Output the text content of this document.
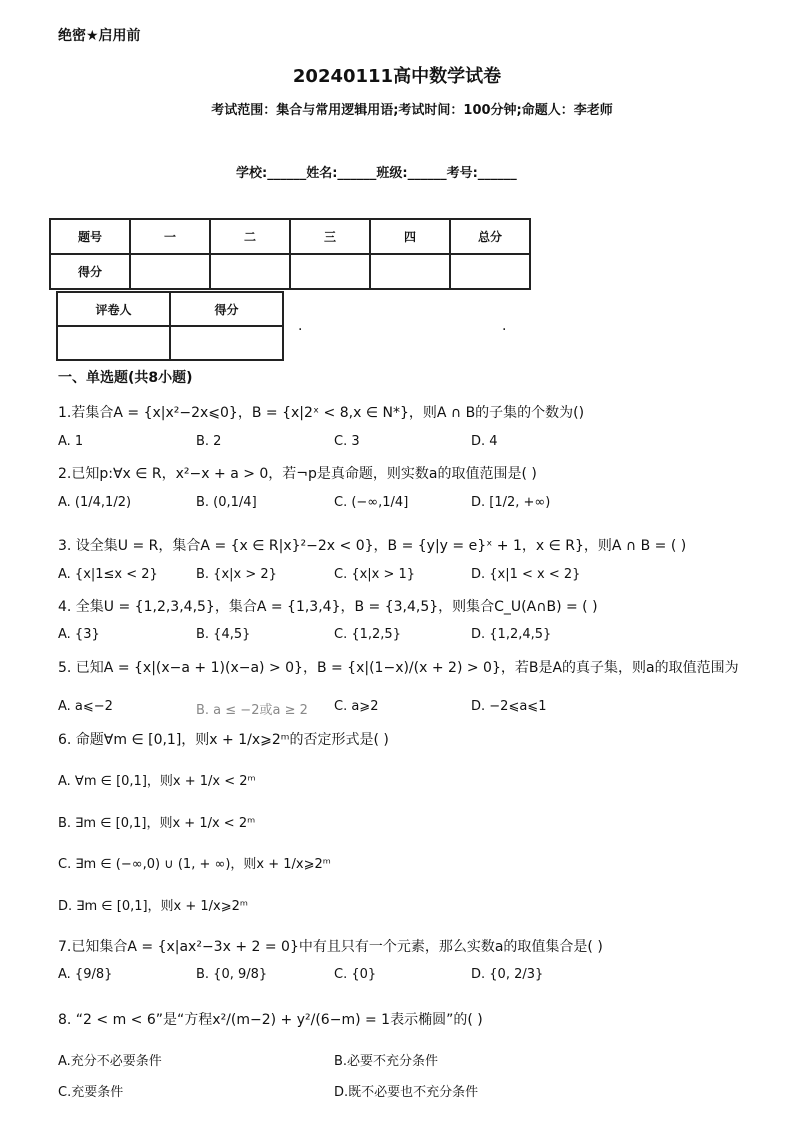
绝密★启用前
20240111高中数学试卷
考试范围：集合与常用逻辑用语;考试时间：100分钟;命题人：李老师
学校:______姓名:______班级:______考号:______
题号	一	二	三	四	总分
得分					
评卷人	得分

.	.
一、单选题(共8小题)
1.若集合A = {x|x²−2x⩽0}，B = {x|2ˣ < 8,x ∈ N*}，则A ∩ B的子集的个数为()
A. 1	B. 2	C. 3	D. 4
2.已知p:∀x ∈ R，x²−x + a > 0，若¬p是真命题，则实数a的取值范围是( )
A. (1/4,1/2)	B. (0,1/4]	C. (−∞,1/4]	D. [1/2, +∞)
3. 设全集U = R，集合A = {x ∈ R|x}²−2x < 0}，B = {y|y = e}ˣ + 1，x ∈ R}，则A ∩ B = ( )
A. {x|1≤x < 2}	B. {x|x > 2}	C. {x|x > 1}	D. {x|1 < x < 2}
4. 全集U = {1,2,3,4,5}，集合A = {1,3,4}，B = {3,4,5}，则集合C_U(A∩B) = ( )
A. {3}	B. {4,5}	C. {1,2,5}	D. {1,2,4,5}
5. 已知A = {x|(x−a + 1)(x−a) > 0}，B = {x|(1−x)/(x + 2) > 0}，若B是A的真子集，则a的取值范围为
A. a⩽−2	B. a ≤ −2或a ≥ 2 C. a⩾2	D. −2⩽a⩽1
6. 命题∀m ∈ [0,1]，则x + 1/x⩾2ᵐ的否定形式是( )
A. ∀m ∈ [0,1]，则x + 1/x < 2ᵐ
B. ∃m ∈ [0,1]，则x + 1/x < 2ᵐ
C. ∃m ∈ (−∞,0) ∪ (1, + ∞)，则x + 1/x⩾2ᵐ
D. ∃m ∈ [0,1]，则x + 1/x⩾2ᵐ
7.已知集合A = {x|ax²−3x + 2 = 0}中有且只有一个元素，那么实数a的取值集合是( )
A. {9/8}	B. {0, 9/8}	C. {0}	D. {0, 2/3}
8. “2 < m < 6”是“方程x²/(m−2) + y²/(6−m) = 1表示椭圆”的( )
A.充分不必要条件	B.必要不充分条件
C.充要条件	D.既不必要也不充分条件
